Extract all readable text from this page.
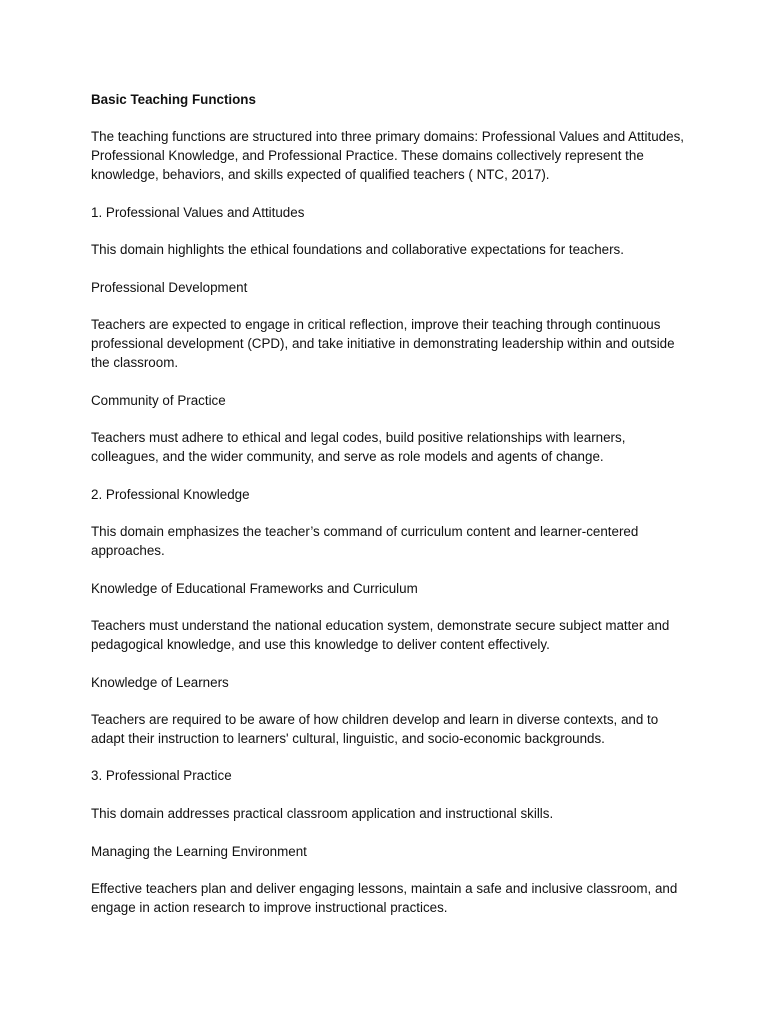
Basic Teaching Functions

The teaching functions are structured into three primary domains: Professional Values and Attitudes, Professional Knowledge, and Professional Practice. These domains collectively represent the knowledge, behaviors, and skills expected of qualified teachers ( NTC, 2017).

1. Professional Values and Attitudes

This domain highlights the ethical foundations and collaborative expectations for teachers.

Professional Development

Teachers are expected to engage in critical reflection, improve their teaching through continuous professional development (CPD), and take initiative in demonstrating leadership within and outside the classroom.

Community of Practice

Teachers must adhere to ethical and legal codes, build positive relationships with learners, colleagues, and the wider community, and serve as role models and agents of change.

2. Professional Knowledge

This domain emphasizes the teacher’s command of curriculum content and learner-centered approaches.

Knowledge of Educational Frameworks and Curriculum

Teachers must understand the national education system, demonstrate secure subject matter and pedagogical knowledge, and use this knowledge to deliver content effectively.

Knowledge of Learners

Teachers are required to be aware of how children develop and learn in diverse contexts, and to adapt their instruction to learners' cultural, linguistic, and socio-economic backgrounds.

3. Professional Practice

This domain addresses practical classroom application and instructional skills.

Managing the Learning Environment

Effective teachers plan and deliver engaging lessons, maintain a safe and inclusive classroom, and engage in action research to improve instructional practices.
